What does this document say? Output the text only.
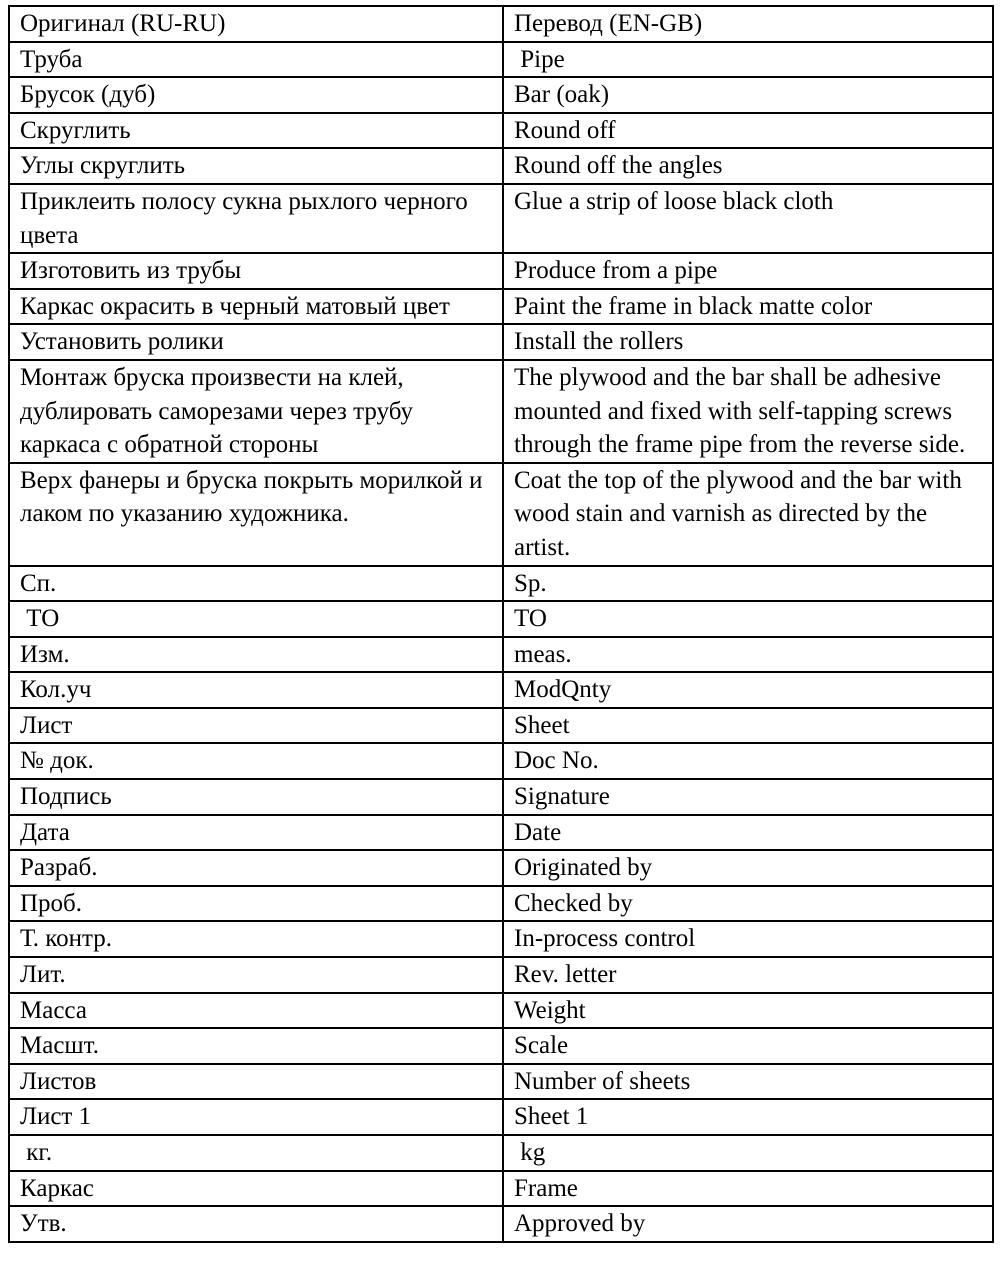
Оригинал (RU-RU)	Перевод (EN-GB)
Труба	Pipe
Брусок (дуб)	Bar (oak)
Скруглить	Round off
Углы скруглить	Round off the angles
Приклеить полосу сукна рыхлого черного цвета	Glue a strip of loose black cloth
Изготовить из трубы	Produce from a pipe
Каркас окрасить в черный матовый цвет	Paint the frame in black matte color
Установить ролики	Install the rollers
Монтаж бруска произвести на клей, дублировать саморезами через трубу каркаса с обратной стороны	The plywood and the bar shall be adhesive mounted and fixed with self-tapping screws through the frame pipe from the reverse side.
Верх фанеры и бруска покрыть морилкой и лаком по указанию художника.	Coat the top of the plywood and the bar with wood stain and varnish as directed by the artist.
Сп.	Sp.
ТО	TO
Изм.	meas.
Кол.уч	ModQnty
Лист	Sheet
№ док.	Doc No.
Подпись	Signature
Дата	Date
Разраб.	Originated by
Проб.	Checked by
Т. контр.	In-process control
Лит.	Rev. letter
Масса	Weight
Масшт.	Scale
Листов	Number of sheets
Лист 1	Sheet 1
кг.	kg
Каркас	Frame
Утв.	Approved by
